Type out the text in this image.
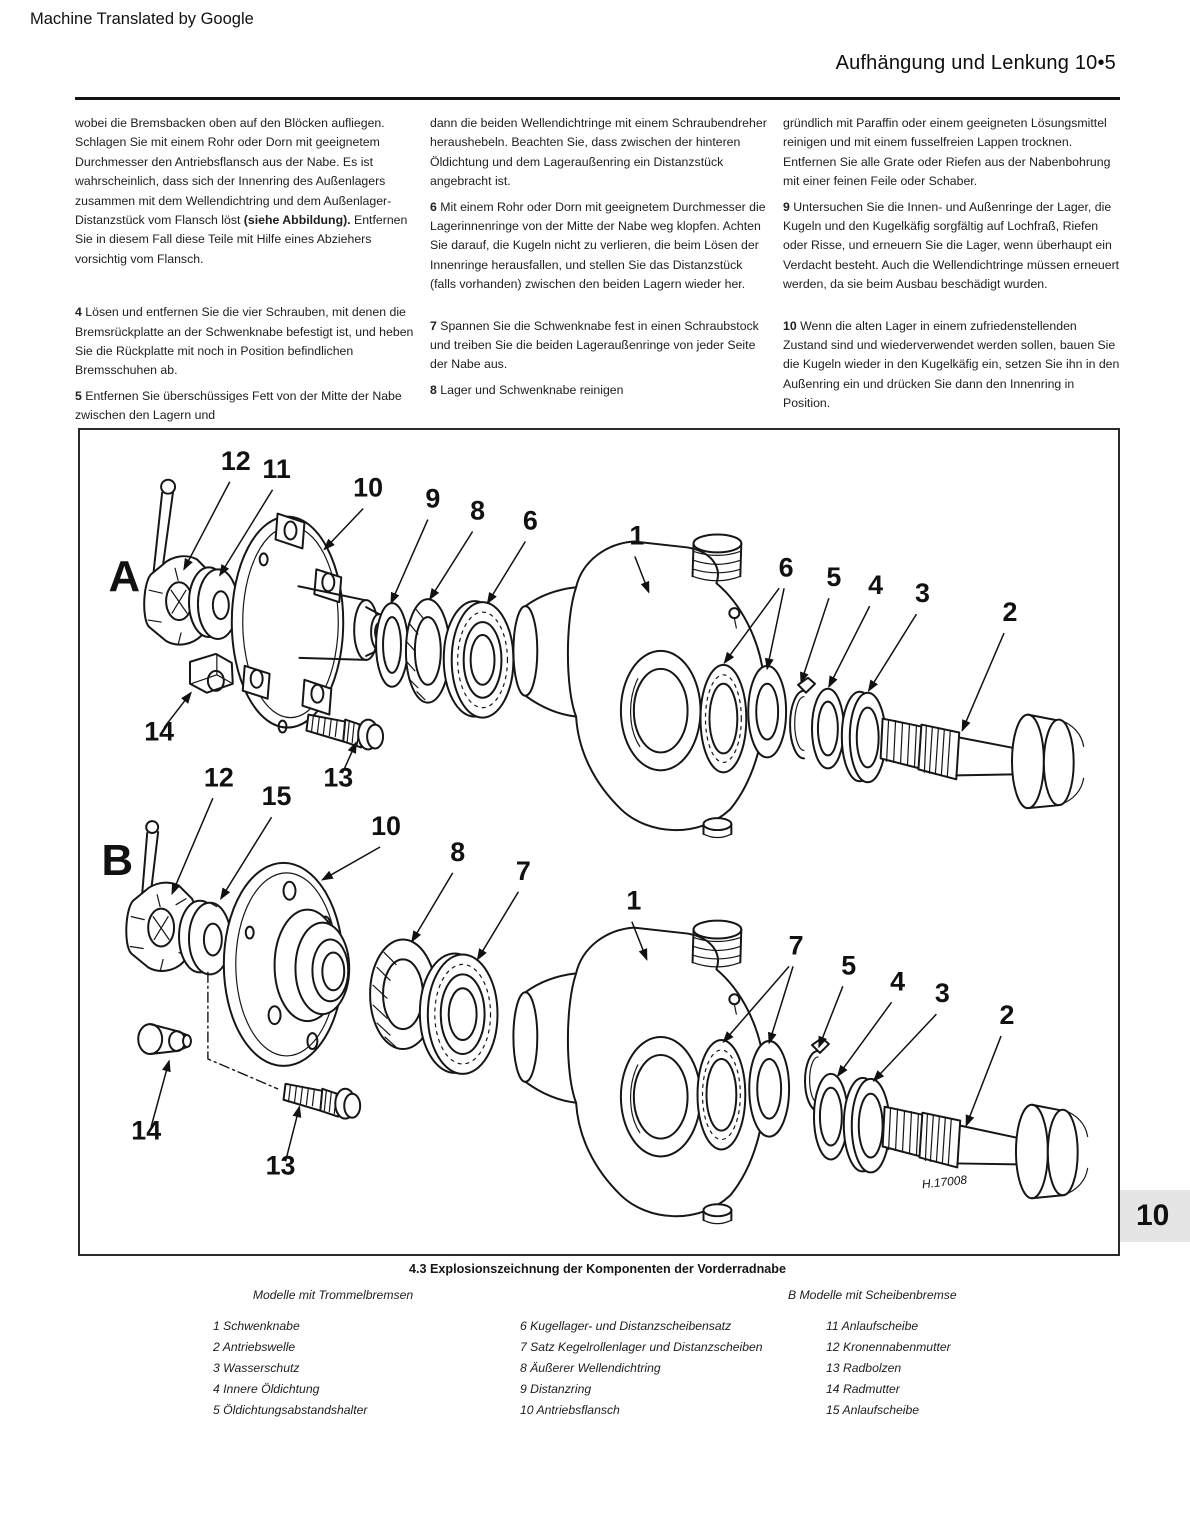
Machine Translated by Google
Aufhängung und Lenkung 10•5

wobei die Bremsbacken oben auf den Blöcken aufliegen. Schlagen Sie mit einem Rohr oder Dorn mit geeignetem Durchmesser den Antriebsflansch aus der Nabe. Es ist wahrscheinlich, dass sich der Innenring des Außenlagers zusammen mit dem Wellendichtring und dem Außenlager-Distanzstück vom Flansch löst (siehe Abbildung). Entfernen Sie in diesem Fall diese Teile mit Hilfe eines Abziehers vorsichtig vom Flansch.

4 Lösen und entfernen Sie die vier Schrauben, mit denen die Bremsrückplatte an der Schwenknabe befestigt ist, und heben Sie die Rückplatte mit noch in Position befindlichen Bremsschuhen ab.

5 Entfernen Sie überschüssiges Fett von der Mitte der Nabe zwischen den Lagern und

dann die beiden Wellendichtringe mit einem Schraubendreher heraushebeln. Beachten Sie, dass zwischen der hinteren Öldichtung und dem Lageraußenring ein Distanzstück angebracht ist.

6 Mit einem Rohr oder Dorn mit geeignetem Durchmesser die Lagerinnenringe von der Mitte der Nabe weg klopfen. Achten Sie darauf, die Kugeln nicht zu verlieren, die beim Lösen der Innenringe herausfallen, und stellen Sie das Distanzstück (falls vorhanden) zwischen den beiden Lagern wieder her.

7 Spannen Sie die Schwenknabe fest in einen Schraubstock und treiben Sie die beiden Lageraußenringe von jeder Seite der Nabe aus.

8 Lager und Schwenknabe reinigen

gründlich mit Paraffin oder einem geeigneten Lösungsmittel reinigen und mit einem fusselfreien Lappen trocknen. Entfernen Sie alle Grate oder Riefen aus der Nabenbohrung mit einer feinen Feile oder Schaber.

9 Untersuchen Sie die Innen- und Außenringe der Lager, die Kugeln und den Kugelkäfig sorgfältig auf Lochfraß, Riefen oder Risse, und erneuern Sie die Lager, wenn überhaupt ein Verdacht besteht. Auch die Wellendichtringe müssen erneuert werden, da sie beim Ausbau beschädigt wurden.

10 Wenn die alten Lager in einem zufriedenstellenden Zustand sind und wiederverwendet werden sollen, bauen Sie die Kugeln wieder in den Kugelkäfig ein, setzen Sie ihn in den Außenring ein und drücken Sie dann den Innenring in Position.

12 11
10 9 8 6	1
6 5 4 3
2
14
13
12
15
10
8
7
1
7
5
4 3
2
14
13
A
B
H.17008
4.3 Explosionszeichnung der Komponenten der Vorderradnabe
Modelle mit Trommelbremsen
1 Schwenknabe
2 Antriebswelle
3 Wasserschutz
4 Innere Öldichtung
5 Öldichtungsabstandshalter
6 Kugellager- und Distanzscheibensatz
7 Satz Kegelrollenlager und Distanzscheiben
8 Äußerer Wellendichtring
9 Distanzring
10 Antriebsflansch
B Modelle mit Scheibenbremse
11 Anlaufscheibe
12 Kronennabenmutter
13 Radbolzen
14 Radmutter
15 Anlaufscheibe
10
